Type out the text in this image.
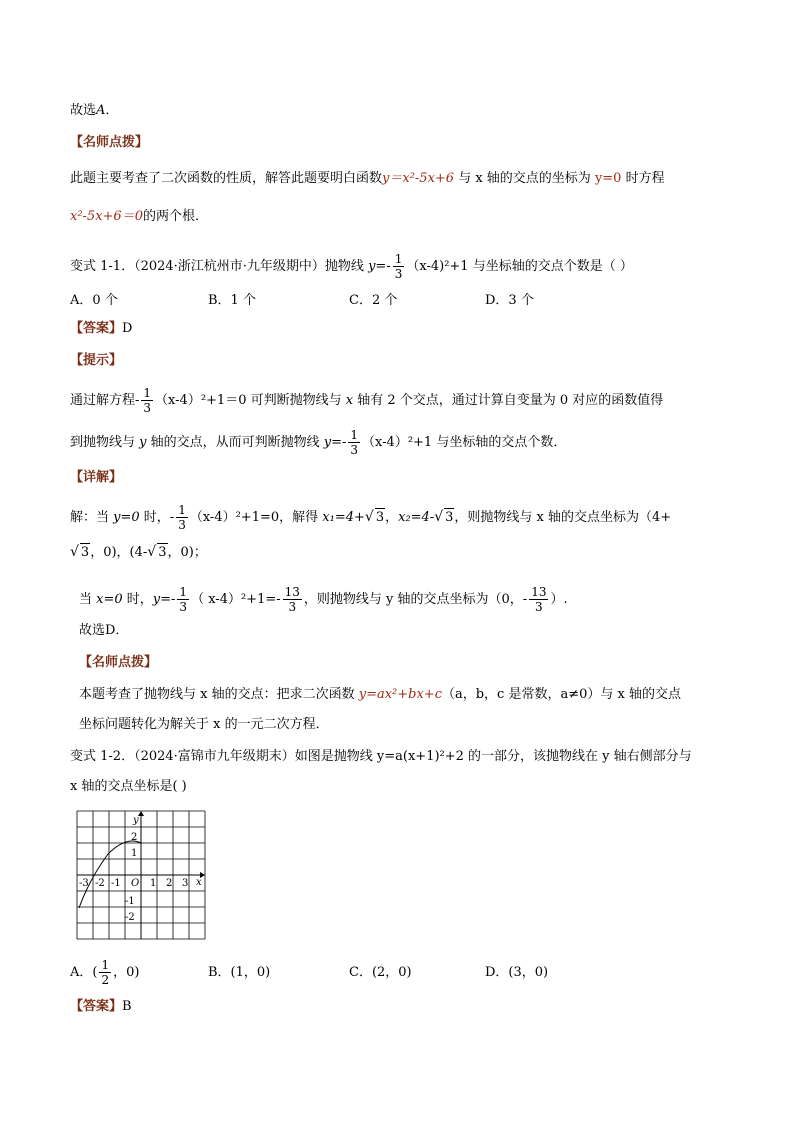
故选A．
【名师点拨】
此题主要考查了二次函数的性质，解答此题要明白函数y＝x²-5x+6 与 x 轴的交点的坐标为 y=0 时方程
x²-5x+6＝0的两个根．
变式 1-1．（2024·浙江杭州市·九年级期中）抛物线 $y=- \frac{1}{3} (x-4)^2+1$ 与坐标轴的交点个数是（ ）
A．0 个	B．1 个	C．2 个	D．3 个
【答案】D
【提示】
通过解方程- $\frac{1}{3} (x-4)^2+1=0$ 可判断抛物线与 x 轴有 2 个交点，通过计算自变量为 0 对应的函数值得
到抛物线与 y 轴的交点，从而可判断抛物线 $y=- \frac{1}{3} (x-4)^2+1$ 与坐标轴的交点个数．
【详解】
解：当 y=0 时，- $\frac{1}{3} (x-4)^2+1=0$，解得 x₁=4+√ 3，x₂=4-√ 3，则抛物线与 x 轴的交点坐标为（4+
√ 3，0)，(4-√ 3，0)；
当 x=0 时，$y=- \frac{1}{3}$ （ $x-4)^2+1=- \frac{13}{3}$ ，则抛物线与 y 轴的交点坐标为（0，- $\frac{13}{3}$ ）.
故选D．
【名师点拨】
本题考查了抛物线与 x 轴的交点：把求二次函数 y=ax²+bx+c（a，b，c 是常数，a≠0）与 x 轴的交点
坐标问题转化为解关于 x 的一元二次方程．
变式 1-2．（2024·富锦市九年级期末）如图是抛物线 y=a(x+1)²+2 的一部分，该抛物线在 y 轴右侧部分与
x 轴的交点坐标是( )
y
x
O
-3 -2 -1	1 2 3
2
1
-1
-2
A．( $\frac{1}{2}$ ，0)	B．(1，0)	C．(2，0)	D．(3，0)
【答案】B
